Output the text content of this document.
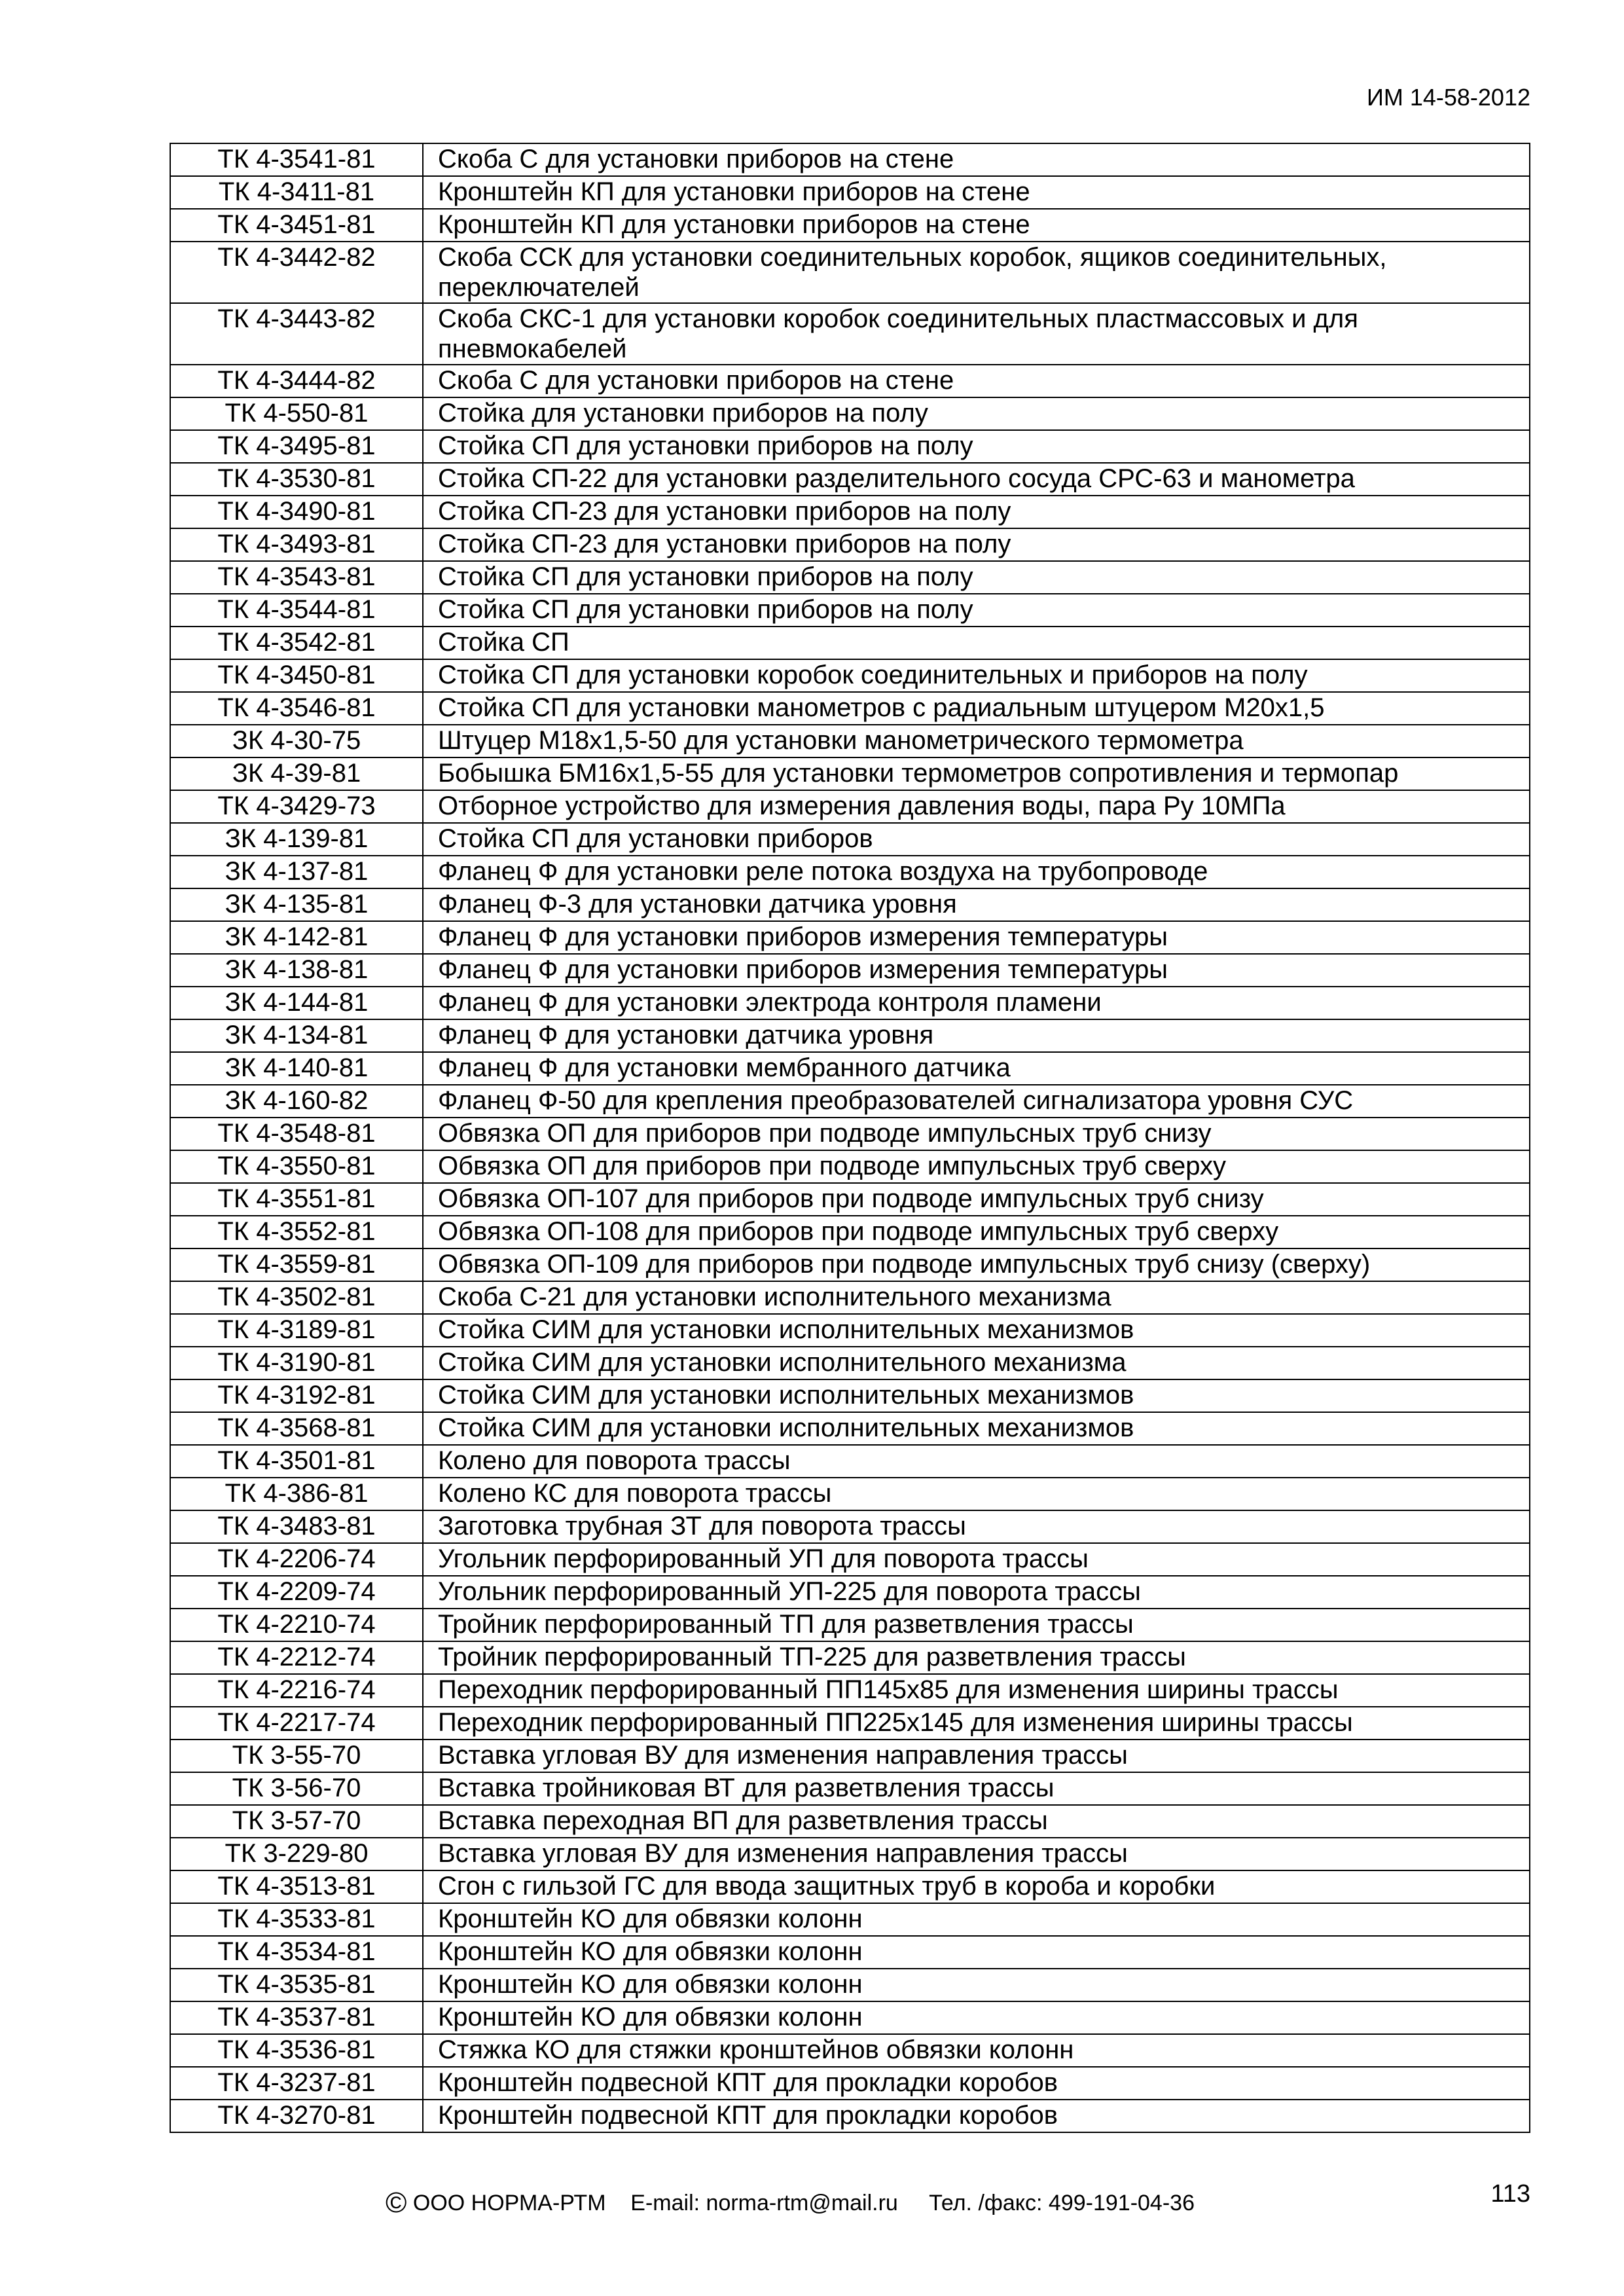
ИМ 14-58-2012
ТК 4-3541-81	Скоба С для установки приборов на стене
ТК 4-3411-81	Кронштейн КП для установки приборов на стене
ТК 4-3451-81	Кронштейн КП для установки приборов на стене
ТК 4-3442-82	Скоба ССК для установки соединительных коробок, ящиков соединительных, переключателей
ТК 4-3443-82	Скоба СКС-1 для установки коробок соединительных пластмассовых и для пневмокабелей
ТК 4-3444-82	Скоба С для установки приборов на стене
ТК 4-550-81	Стойка для установки приборов на полу
ТК 4-3495-81	Стойка СП для установки приборов на полу
ТК 4-3530-81	Стойка СП-22 для установки разделительного сосуда СРС-63 и манометра
ТК 4-3490-81	Стойка СП-23 для установки приборов на полу
ТК 4-3493-81	Стойка СП-23 для установки приборов на полу
ТК 4-3543-81	Стойка СП для установки приборов на полу
ТК 4-3544-81	Стойка СП для установки приборов на полу
ТК 4-3542-81	Стойка СП
ТК 4-3450-81	Стойка СП для установки коробок соединительных и приборов на полу
ТК 4-3546-81	Стойка СП для установки манометров с радиальным штуцером М20х1,5
ЗК 4-30-75	Штуцер М18х1,5-50 для установки манометрического термометра
ЗК 4-39-81	Бобышка БМ16х1,5-55 для установки термометров сопротивления и термопар
ТК 4-3429-73	Отборное устройство для измерения давления воды, пара Ру 10МПа
ЗК 4-139-81	Стойка СП для установки приборов
ЗК 4-137-81	Фланец Ф для установки реле потока воздуха на трубопроводе
ЗК 4-135-81	Фланец Ф-3 для установки датчика уровня
ЗК 4-142-81	Фланец Ф для установки приборов измерения температуры
ЗК 4-138-81	Фланец Ф для установки приборов измерения температуры
ЗК 4-144-81	Фланец Ф для установки электрода контроля пламени
ЗК 4-134-81	Фланец Ф для установки датчика уровня
ЗК 4-140-81	Фланец Ф для установки мембранного датчика
ЗК 4-160-82	Фланец Ф-50 для крепления преобразователей сигнализатора уровня СУС
ТК 4-3548-81	Обвязка ОП для приборов при подводе импульсных труб снизу
ТК 4-3550-81	Обвязка ОП для приборов при подводе импульсных труб сверху
ТК 4-3551-81	Обвязка ОП-107 для приборов при подводе импульсных труб снизу
ТК 4-3552-81	Обвязка ОП-108 для приборов при подводе импульсных труб сверху
ТК 4-3559-81	Обвязка ОП-109 для приборов при подводе импульсных труб снизу (сверху)
ТК 4-3502-81	Скоба С-21 для установки исполнительного механизма
ТК 4-3189-81	Стойка СИМ для установки исполнительных механизмов
ТК 4-3190-81	Стойка СИМ для установки исполнительного механизма
ТК 4-3192-81	Стойка СИМ для установки исполнительных механизмов
ТК 4-3568-81	Стойка СИМ для установки исполнительных механизмов
ТК 4-3501-81	Колено для поворота трассы
ТК 4-386-81	Колено КС для поворота трассы
ТК 4-3483-81	Заготовка трубная ЗТ для поворота трассы
ТК 4-2206-74	Угольник перфорированный УП для поворота трассы
ТК 4-2209-74	Угольник перфорированный УП-225 для поворота трассы
ТК 4-2210-74	Тройник перфорированный ТП для разветвления трассы
ТК 4-2212-74	Тройник перфорированный ТП-225 для разветвления трассы
ТК 4-2216-74	Переходник перфорированный ПП145х85 для изменения ширины трассы
ТК 4-2217-74	Переходник перфорированный ПП225х145 для изменения ширины трассы
ТК 3-55-70	Вставка угловая ВУ для изменения направления трассы
ТК 3-56-70	Вставка тройниковая ВТ для разветвления трассы
ТК 3-57-70	Вставка переходная ВП для разветвления трассы
ТК 3-229-80	Вставка угловая ВУ для изменения направления трассы
ТК 4-3513-81	Сгон с гильзой ГС для ввода защитных труб в короба и коробки
ТК 4-3533-81	Кронштейн КО для обвязки колонн
ТК 4-3534-81	Кронштейн КО для обвязки колонн
ТК 4-3535-81	Кронштейн КО для обвязки колонн
ТК 4-3537-81	Кронштейн КО для обвязки колонн
ТК 4-3536-81	Стяжка КО для стяжки кронштейнов обвязки колонн
ТК 4-3237-81	Кронштейн подвесной КПТ для прокладки коробов
ТК 4-3270-81	Кронштейн подвесной КПТ для прокладки коробов
© ООО НОРМА-РТМ    E-mail: norma-rtm@mail.ru     Тел. /факс: 499-191-04-36	113
